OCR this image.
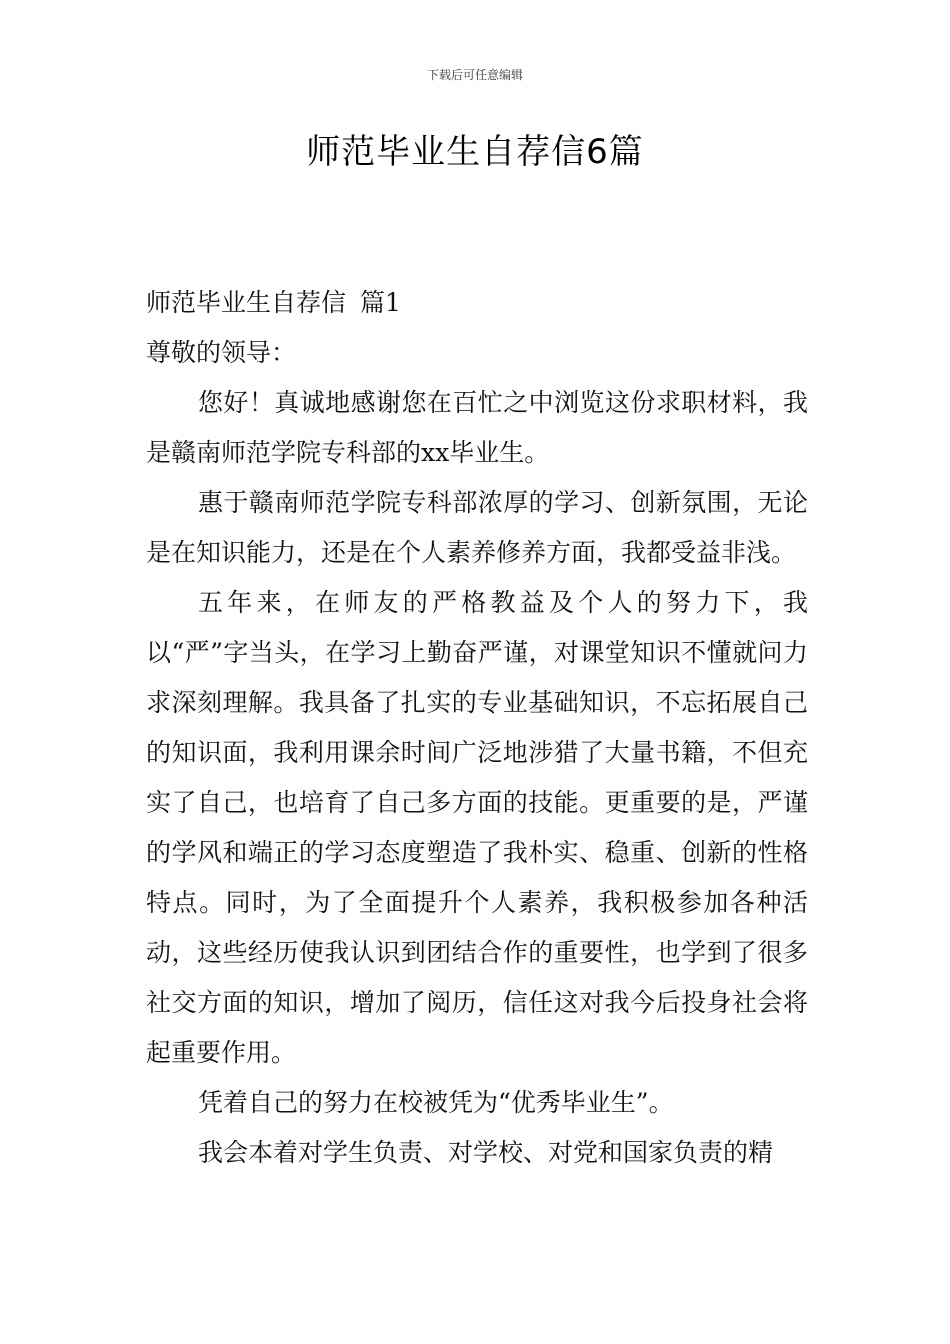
下载后可任意编辑
师范毕业生自荐信6篇

师范毕业生自荐信 篇1

尊敬的领导：

您好！真诚地感谢您在百忙之中浏览这份求职材料，我是赣南师范学院专科部的xx毕业生。

惠于赣南师范学院专科部浓厚的学习、创新氛围，无论是在知识能力，还是在个人素养修养方面，我都受益非浅。

五年来，在师友的严格教益及个人的努力下，我以“严”字当头，在学习上勤奋严谨，对课堂知识不懂就问力求深刻理解。我具备了扎实的专业基础知识，不忘拓展自己的知识面，我利用课余时间广泛地涉猎了大量书籍，不但充实了自己，也培育了自己多方面的技能。更重要的是，严谨的学风和端正的学习态度塑造了我朴实、稳重、创新的性格特点。同时，为了全面提升个人素养，我积极参加各种活动，这些经历使我认识到团结合作的重要性，也学到了很多社交方面的知识，增加了阅历，信任这对我今后投身社会将起重要作用。

凭着自己的努力在校被凭为“优秀毕业生”。

我会本着对学生负责、对学校、对党和国家负责的精
